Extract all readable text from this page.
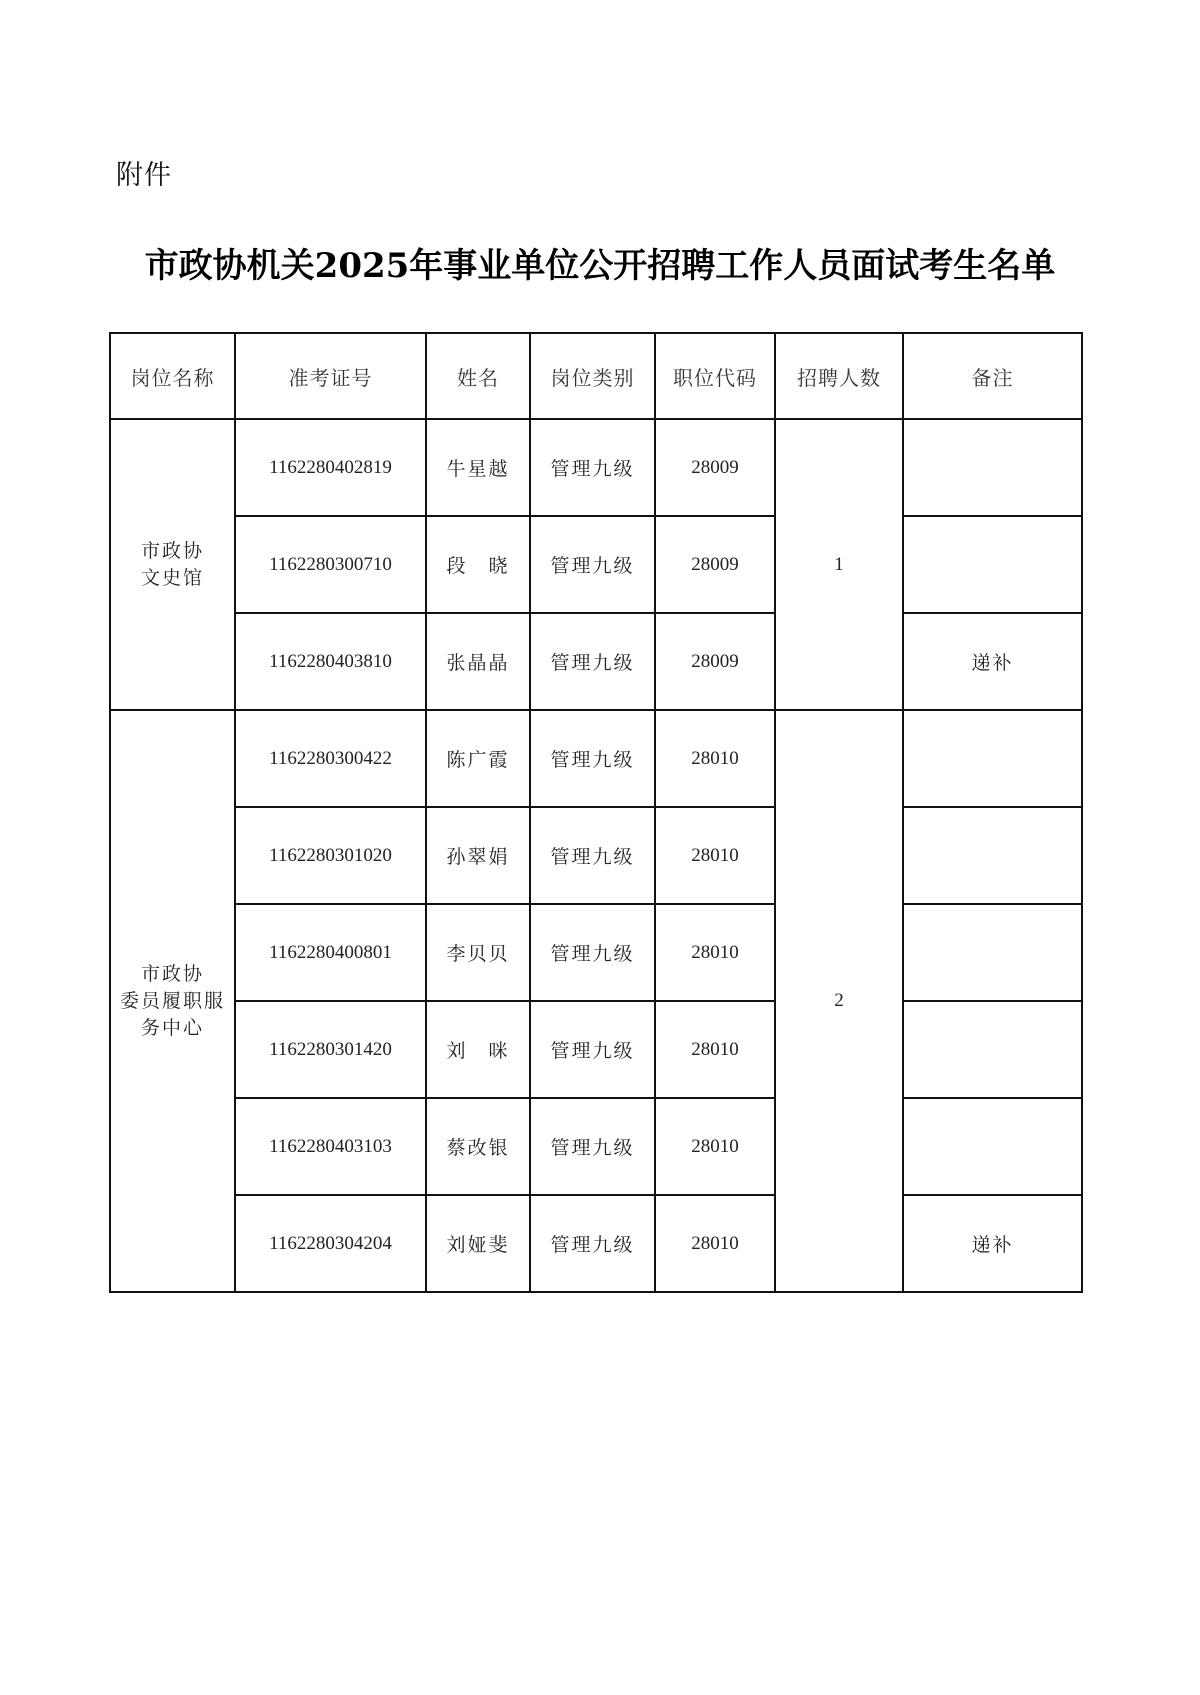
附件
市政协机关2025年事业单位公开招聘工作人员面试考生名单
岗位名称	准考证号	姓名	岗位类别	职位代码	招聘人数	备注

市政协
文史馆	1162280402819	牛星越	管理九级	28009	1	
	1162280300710	段　晓	管理九级	28009		
	1162280403810	张晶晶	管理九级	28009		递补

市政协
委员履职服
务中心	1162280300422	陈广霞	管理九级	28010	2	
	1162280301020	孙翠娟	管理九级	28010		
	1162280400801	李贝贝	管理九级	28010		
	1162280301420	刘　咪	管理九级	28010		
	1162280403103	蔡改银	管理九级	28010		
	1162280304204	刘娅斐	管理九级	28010		递补
